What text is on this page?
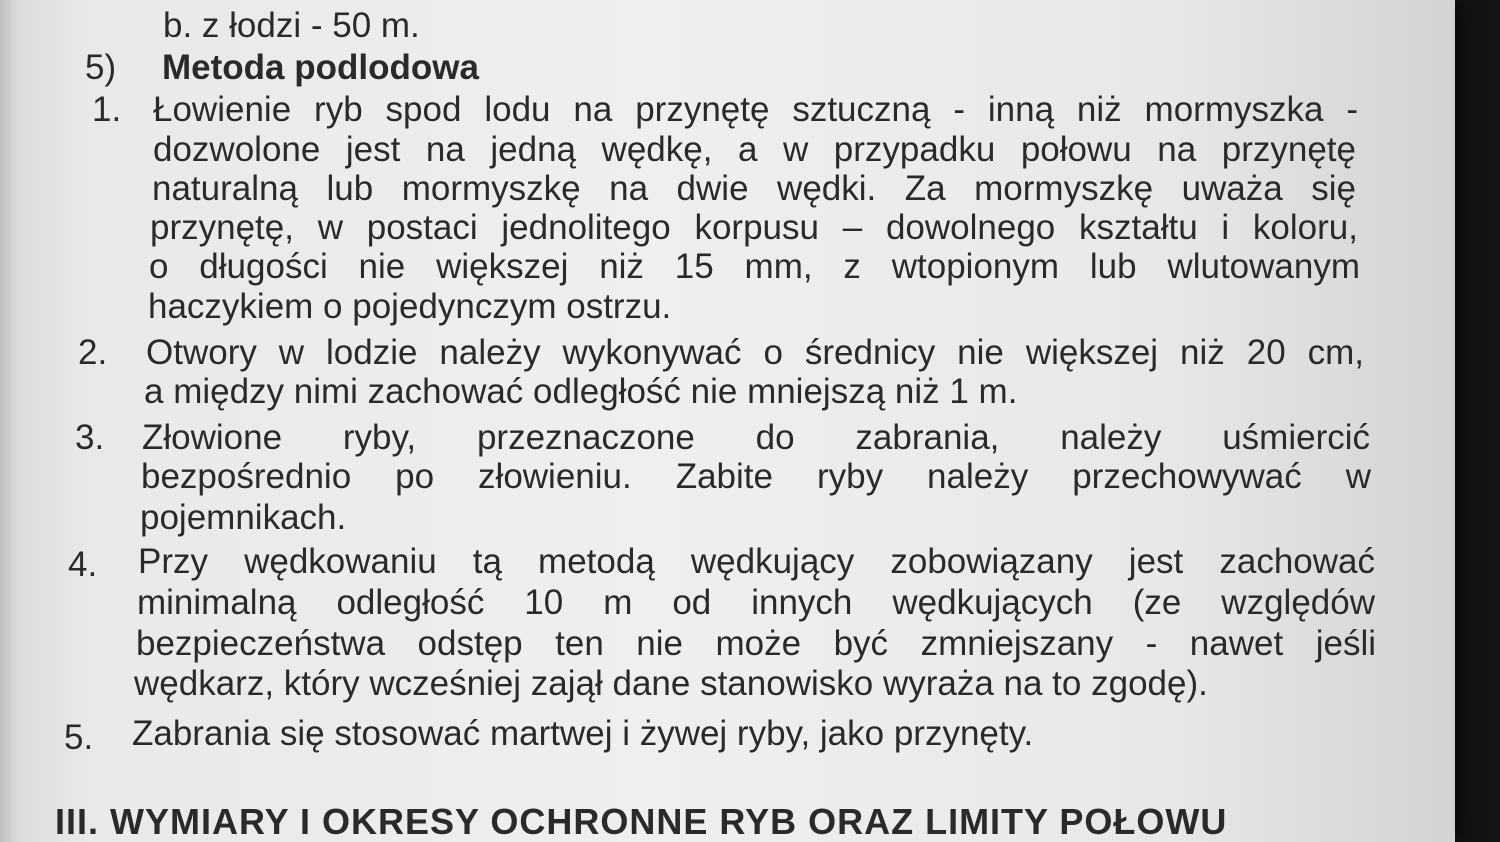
b. z łodzi - 50 m.
5) Metoda podlodowa
1. Łowienie ryb spod lodu na przynętę sztuczną - inną niż mormyszka -
dozwolone jest na jedną wędkę, a w przypadku połowu na przynętę
naturalną lub mormyszkę na dwie wędki. Za mormyszkę uważa się
przynętę, w postaci jednolitego korpusu – dowolnego kształtu i koloru,
o długości nie większej niż 15 mm, z wtopionym lub wlutowanym
haczykiem o pojedynczym ostrzu.
2. Otwory w lodzie należy wykonywać o średnicy nie większej niż 20 cm,
a między nimi zachować odległość nie mniejszą niż 1 m.
3. Złowione ryby, przeznaczone do zabrania, należy uśmiercić
bezpośrednio po złowieniu. Zabite ryby należy przechowywać w
pojemnikach.
4. Przy wędkowaniu tą metodą wędkujący zobowiązany jest zachować
minimalną odległość 10 m od innych wędkujących (ze względów
bezpieczeństwa odstęp ten nie może być zmniejszany - nawet jeśli
wędkarz, który wcześniej zajął dane stanowisko wyraża na to zgodę).
5. Zabrania się stosować martwej i żywej ryby, jako przynęty.
III. WYMIARY I OKRESY OCHRONNE RYB ORAZ LIMITY POŁOWU
